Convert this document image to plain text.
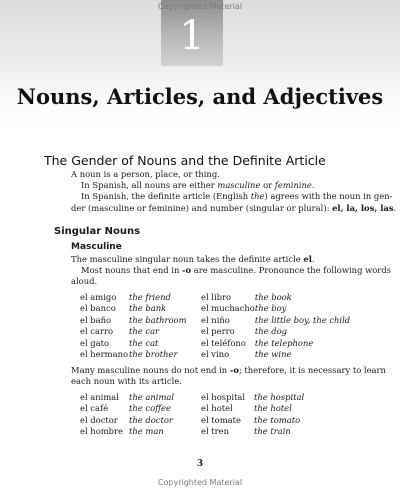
1
Copyrighted Material
Nouns, Articles, and Adjectives
The Gender of Nouns and the Definite Article
A noun is a person, place, or thing.
In Spanish, all nouns are either masculine or feminine.
In Spanish, the definite article (English the) agrees with the noun in gen-
der (masculine or feminine) and number (singular or plural): el, la, los, las.
Singular Nouns
Masculine
The masculine singular noun takes the definite article el.
Most nouns that end in -o are masculine. Pronounce the following words
aloud.
el amigo	the friend	el libro	the book
el banco	the bank	el muchacho	the boy
el baño	the bathroom	el niño	the little boy, the child
el carro	the car	el perro	the dog
el gato	the cat	el teléfono	the telephone
el hermano	the brother	el vino	the wine
Many masculine nouns do not end in -o; therefore, it is necessary to learn
each noun with its article.
el animal	the animal	el hospital	the hospital
el café	the coffee	el hotel	the hotel
el doctor	the doctor	el tomate	the tomato
el hombre	the man	el tren	the train
3
Copyrighted Material
